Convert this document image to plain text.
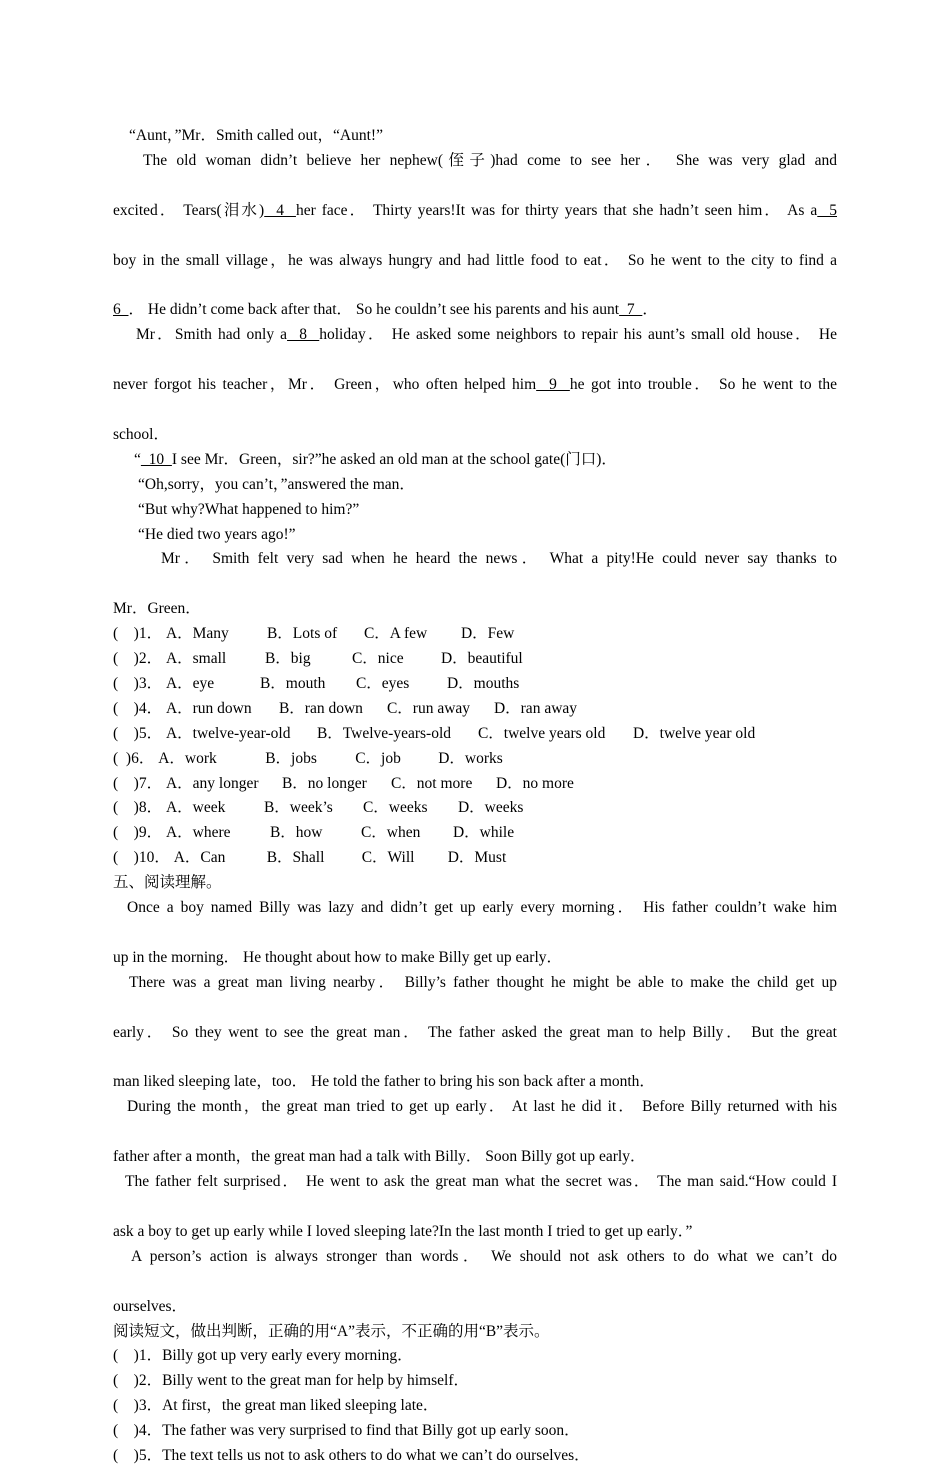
“Aunt，”Mr．Smith called out，“Aunt!”
The old woman didn’t believe her nephew(侄子)had come to see her． She was very glad and
excited． Tears(泪水)  4  her face． Thirty years!It was for thirty years that she hadn’t seen him． As a  5
boy in the small village，he was always hungry and had little food to eat． So he went to the city to find a
6  ． He didn’t come back after that． So he couldn’t see his parents and his aunt  7  ．
Mr．Smith had only a  8  holiday． He asked some neighbors to repair his aunt’s small old house． He
never forgot his teacher，Mr． Green，who often helped him  9  he got into trouble． So he went to the
school．
“  10  I see Mr．Green，sir?”he asked an old man at the school gate(门口)．
“Oh,sorry，you can’t，”answered the man．
“But why?What happened to him?”
“He died two years ago!”
Mr． Smith felt very sad when he heard the news． What a pity!He could never say thanks to
Mr．Green．
(    )1． A．Many B．Lots of C．A few D．Few
(    )2． A．small B．big	C．nice D．beautiful
(    )3． A．eye	B．mouth C．eyes D．mouths
(    )4． A．run down B．ran down C．run away D．ran away
(    )5． A．twelve-year-old B．Twelve-years-old C．twelve years old D．twelve year old
(  )6． A．work	B．jobs C．job D．works
(    )7． A．any longer B．no longer C．not more D．no more
(    )8． A．week B．week’s C．weeks D．weeks
(    )9． A．where	B．how C．when D．while
(    )10． A．Can	B．Shall C．Will D．Must
五、阅读理解。
Once a boy named Billy was lazy and didn’t get up early every morning． His father couldn’t wake him
up in the morning． He thought about how to make Billy get up early．
There was a great man living nearby． Billy’s father thought he might be able to make the child get up
early． So they went to see the great man． The father asked the great man to help Billy． But the great
man liked sleeping late，too． He told the father to bring his son back after a month．
During the month，the great man tried to get up early． At last he did it． Before Billy returned with his
father after a month，the great man had a talk with Billy． Soon Billy got up early．
The father felt surprised． He went to ask the great man what the secret was． The man said.“How could I
ask a boy to get up early while I loved sleeping late?In the last month I tried to get up early．”
A person’s action is always stronger than words． We should not ask others to do what we can’t do
ourselves．
阅读短文，做出判断，正确的用“A”表示，不正确的用“B”表示。
(    )1．Billy got up very early every morning．
(    )2．Billy went to the great man for help by himself．
(    )3．At first，the great man liked sleeping late．
(    )4．The father was very surprised to find that Billy got up early soon．
(    )5．The text tells us not to ask others to do what we can’t do ourselves．
